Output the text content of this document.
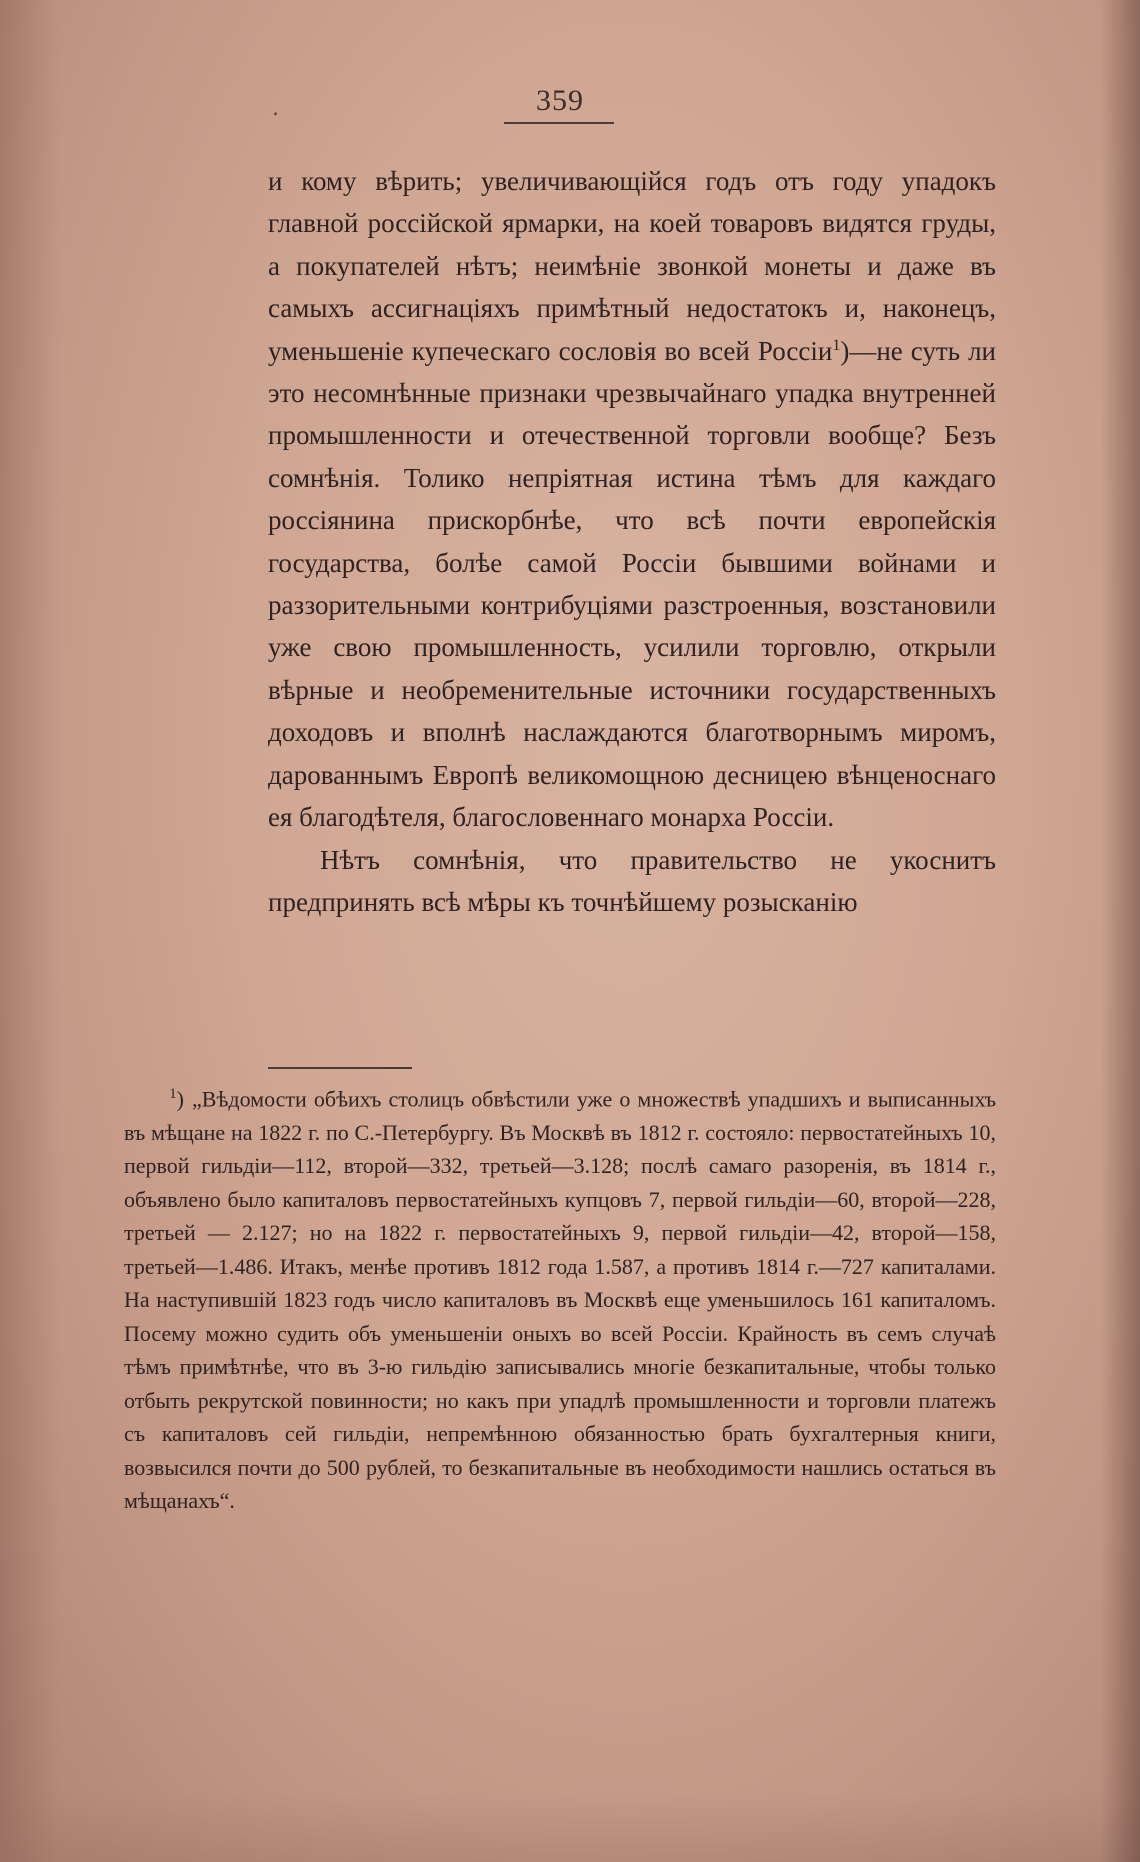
.	359

и кому вѣрить; увеличивающійся годъ отъ году упадокъ главной россійской ярмарки, на коей товаровъ видятся груды, а покупателей нѣтъ; неимѣніе звонкой монеты и даже въ самыхъ ассигнаціяхъ примѣтный недостатокъ и, наконецъ, уменьшеніе купеческаго сословія во всей Россіи$^1$)—не суть ли это несомнѣнные признаки чрезвычайнаго упадка внутренней промышленности и отечественной торговли вообще? Безъ сомнѣнія. Толико непріятная истина тѣмъ для каждаго россіянина прискорбнѣе, что всѣ почти европейскія государства, болѣе самой Россіи бывшими войнами и раззорительными контрибуціями разстроенныя, возстановили уже свою промышленность, усилили торговлю, открыли вѣрные и необременительные источники государственныхъ доходовъ и вполнѣ наслаждаются благотворнымъ миромъ, дарованнымъ Европѣ великомощною десницею вѣнценоснаго ея благодѣтеля, благословеннаго монарха Россіи.

Нѣтъ сомнѣнія, что правительство не укоснитъ предпринять всѣ мѣры къ точнѣйшему розысканію

$^1$) „Вѣдомости обѣихъ столицъ обвѣстили уже о множествѣ упадшихъ и выписанныхъ въ мѣщане на 1822 г. по С.-Петербургу. Въ Москвѣ въ 1812 г. состояло: первостатейныхъ 10, первой гильдіи—112, второй—332, третьей—3.128; послѣ самаго разоренія, въ 1814 г., объявлено было капиталовъ первостатейныхъ купцовъ 7, первой гильдіи—60, второй—228, третьей — 2.127; но на 1822 г. первостатейныхъ 9, первой гильдіи—42, второй—158, третьей—1.486. Итакъ, менѣе противъ 1812 года 1.587, а противъ 1814 г.—727 капиталами. На наступившій 1823 годъ число капиталовъ въ Москвѣ еще уменьшилось 161 капиталомъ. Посему можно судить объ уменьшеніи оныхъ во всей Россіи. Крайность въ семъ случаѣ тѣмъ примѣтнѣе, что въ 3-ю гильдію записывались многіе безкапитальные, чтобы только отбыть рекрутской повинности; но какъ при упадлѣ промышленности и торговли платежъ съ капиталовъ сей гильдіи, непремѣнною обязанностью брать бухгалтерныя книги, возвысился почти до 500 рублей, то безкапитальные въ необходимости нашлись остаться въ мѣщанахъ“.
